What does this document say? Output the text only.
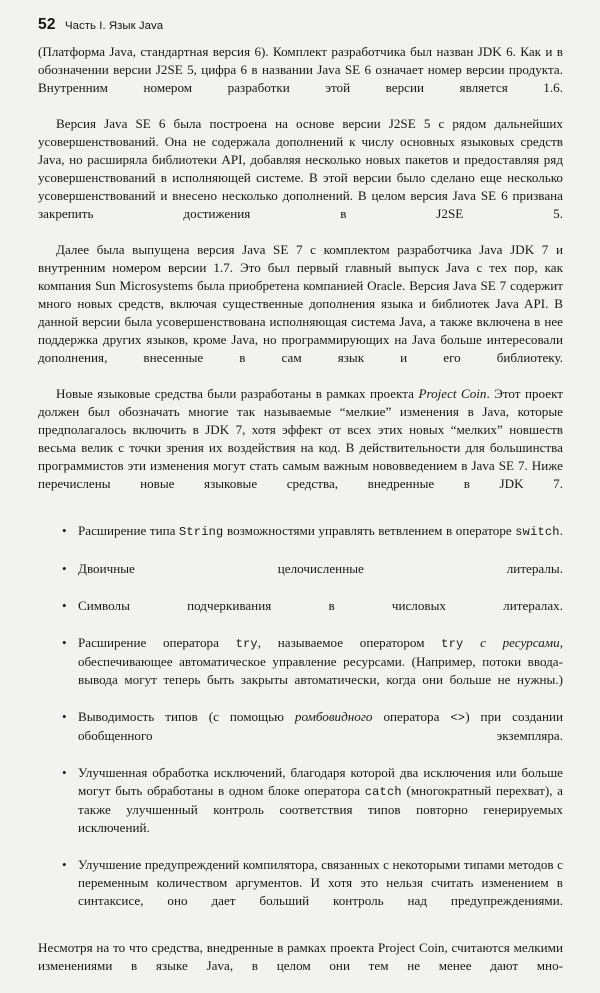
52 Часть I. Язык Java

(Платформа Java, стандартная версия 6). Комплект разработчика был назван JDK 6. Как и в обозначении версии J2SE 5, цифра 6 в названии Java SE 6 означает номер версии продукта. Внутренним номером разработки этой версии является 1.6.

Версия Java SE 6 была построена на основе версии J2SE 5 с рядом дальнейших усовершенствований. Она не содержала дополнений к числу основных языковых средств Java, но расширяла библиотеки API, добавляя несколько новых пакетов и предоставляя ряд усовершенствований в исполняющей системе. В этой версии было сделано еще несколько усовершенствований и внесено несколько дополнений. В целом версия Java SE 6 призвана закрепить достижения в J2SE 5.

Далее была выпущена версия Java SE 7 с комплектом разработчика Java JDK 7 и внутренним номером версии 1.7. Это был первый главный выпуск Java с тех пор, как компания Sun Microsystems была приобретена компанией Oracle. Версия Java SE 7 содержит много новых средств, включая существенные дополнения языка и библиотек Java API. В данной версии была усовершенствована исполняющая система Java, а также включена в нее поддержка других языков, кроме Java, но программирующих на Java больше интересовали дополнения, внесенные в сам язык и его библиотеку.

Новые языковые средства были разработаны в рамках проекта Project Coin. Этот проект должен был обозначать многие так называемые “мелкие” изменения в Java, которые предполагалось включить в JDK 7, хотя эффект от всех этих новых “мелких” новшеств весьма велик с точки зрения их воздействия на код. В действительности для большинства программистов эти изменения могут стать самым важным нововведением в Java SE 7. Ниже перечислены новые языковые средства, внедренные в JDK 7.

• Расширение типа String возможностями управлять ветвлением в операторе switch.
• Двоичные целочисленные литералы.
• Символы подчеркивания в числовых литералах.
• Расширение оператора try, называемое оператором try с ресурсами, обеспечивающее автоматическое управление ресурсами. (Например, потоки ввода-вывода могут теперь быть закрыты автоматически, когда они больше не нужны.)
• Выводимость типов (с помощью ромбовидного оператора <>) при создании обобщенного экземпляра.
• Улучшенная обработка исключений, благодаря которой два исключения или больше могут быть обработаны в одном блоке оператора catch (многократный перехват), а также улучшенный контроль соответствия типов повторно генерируемых исключений.
• Улучшение предупреждений компилятора, связанных с некоторыми типами методов с переменным количеством аргументов. И хотя это нельзя считать изменением в синтаксисе, оно дает больший контроль над предупреждениями.

Несмотря на то что средства, внедренные в рамках проекта Project Coin, считаются мелкими изменениями в языке Java, в целом они тем не менее дают мно-
